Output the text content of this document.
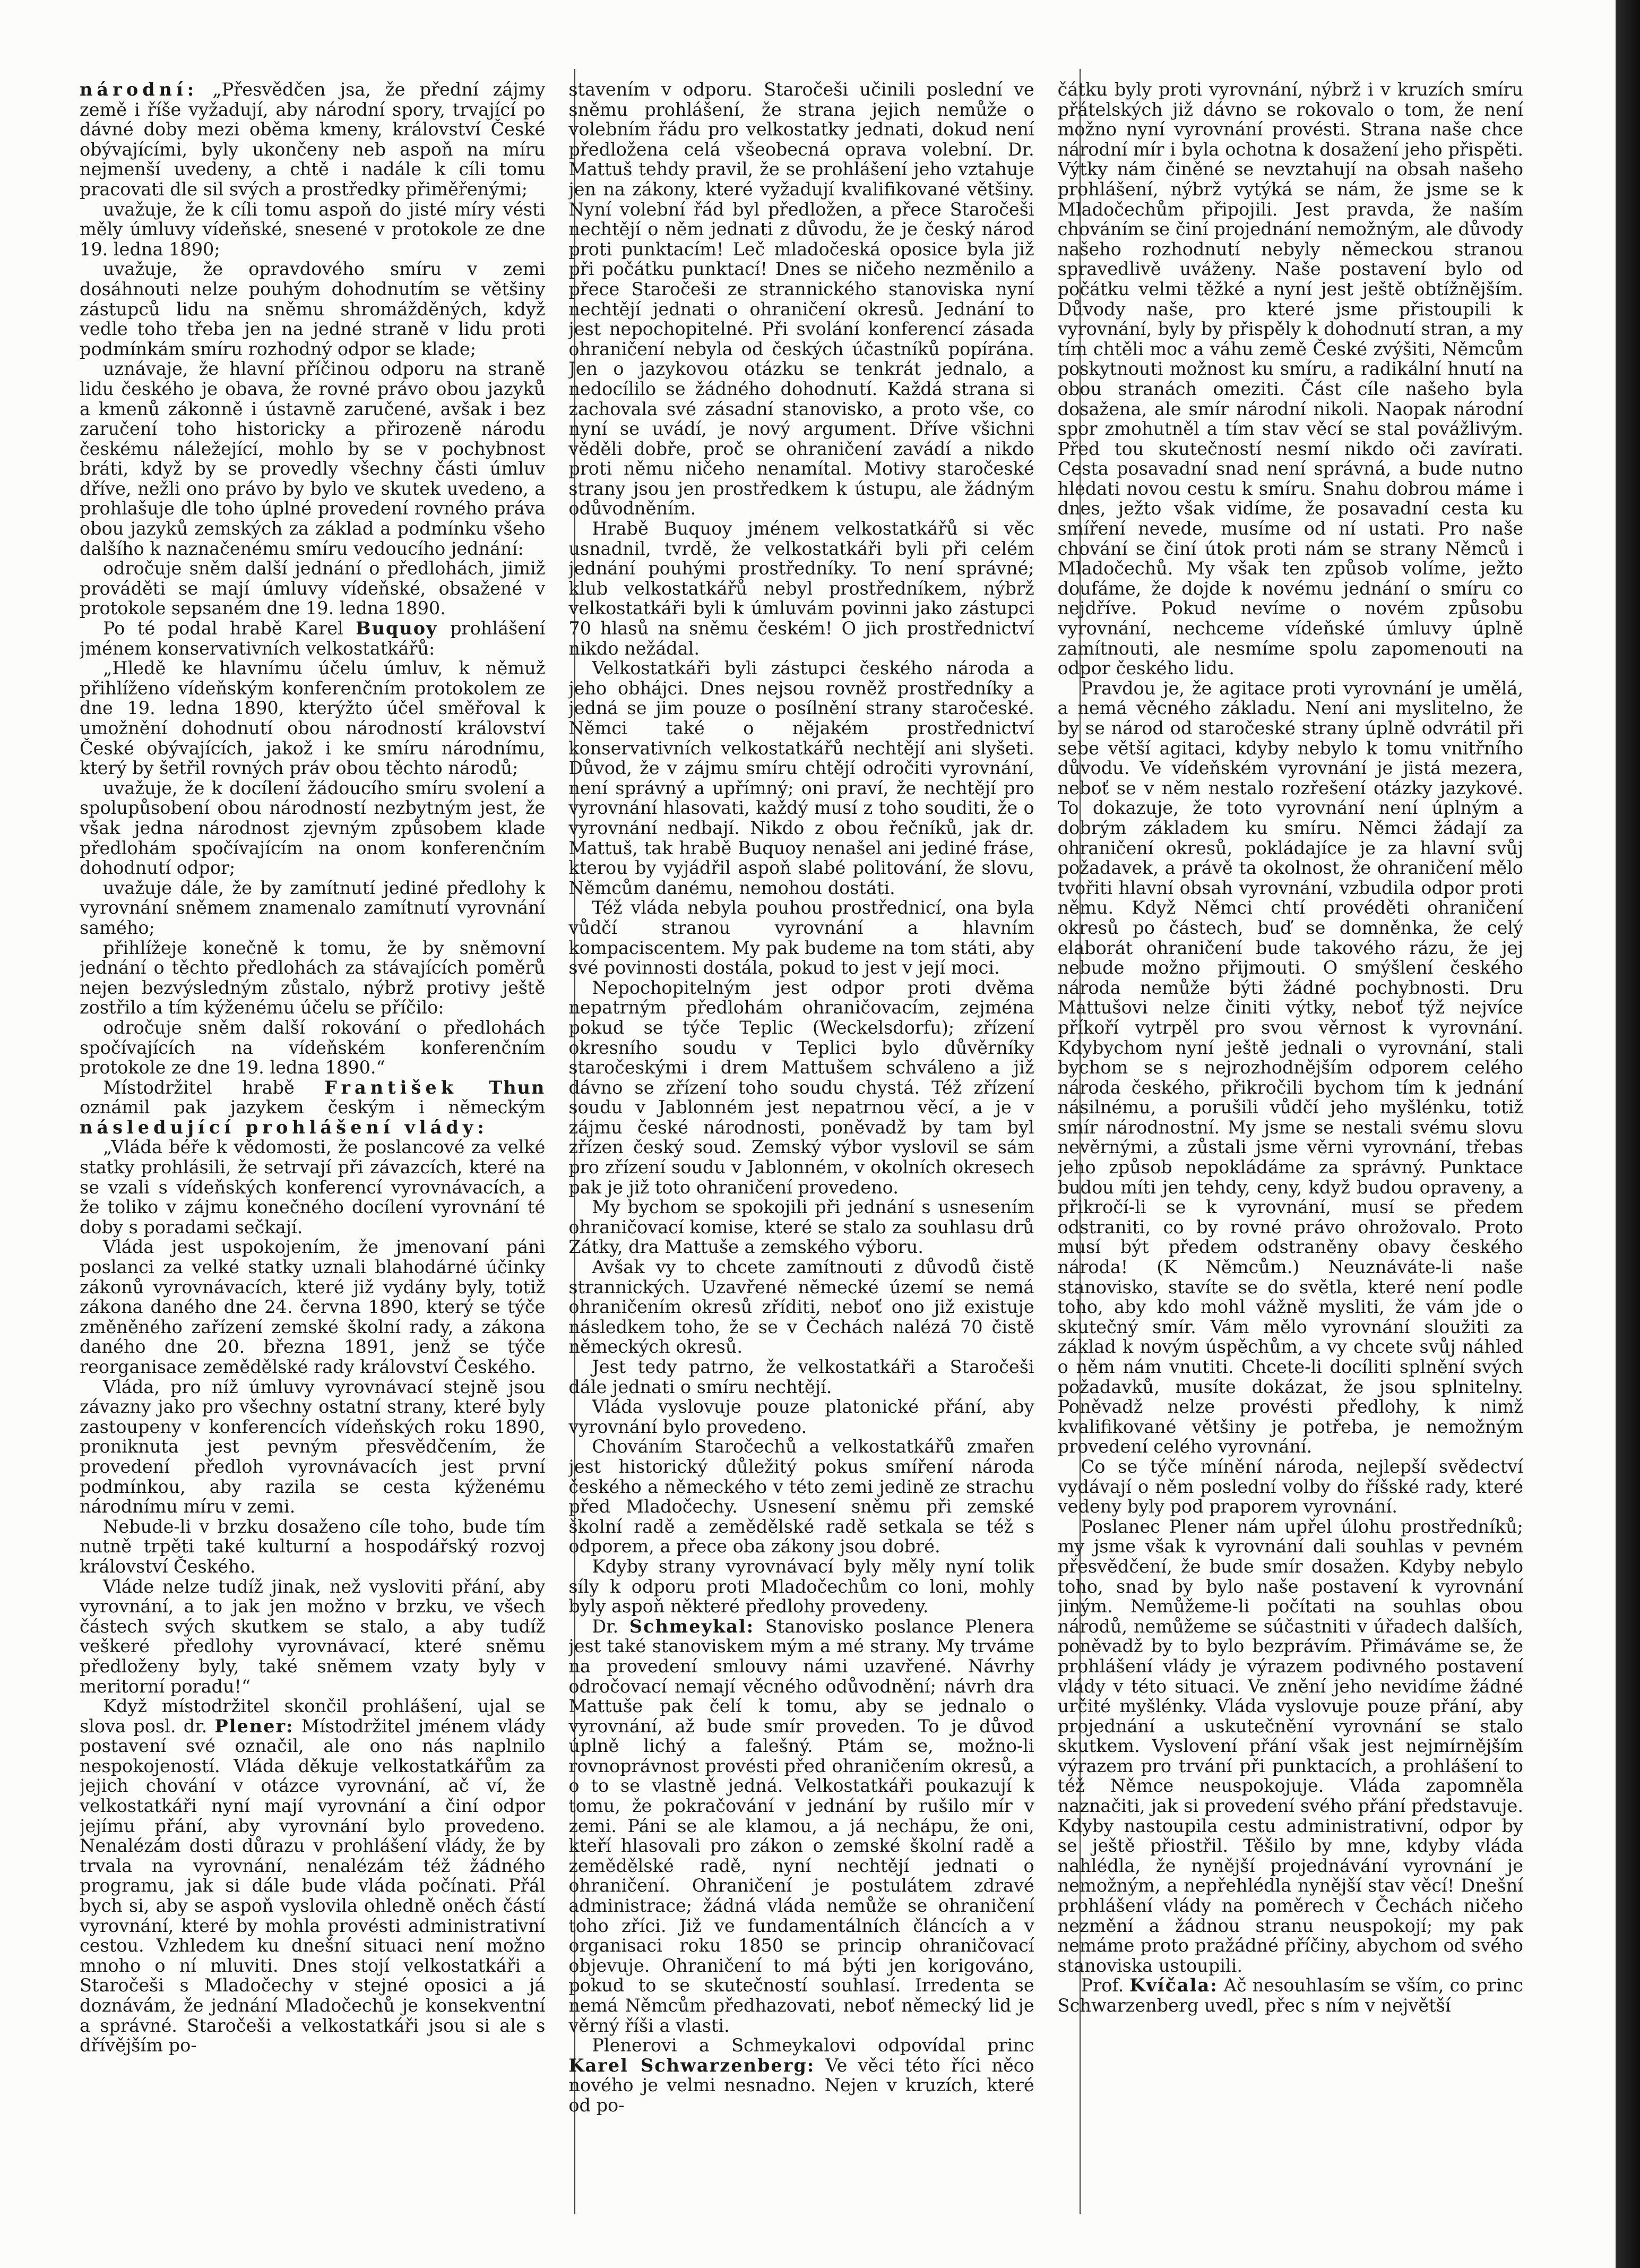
národní: „Přesvědčen jsa, že přední zájmy země i říše vyžadují, aby národní spory, trvající po dávné doby mezi oběma kmeny, království České obývajícími, byly ukončeny neb aspoň na míru nejmenší uvedeny, a chtě i nadále k cíli tomu pracovati dle sil svých a prostředky přiměřenými;

uvažuje, že k cíli tomu aspoň do jisté míry vésti měly úmluvy vídeňské, snesené v protokole ze dne 19. ledna 1890;

uvažuje, že opravdového smíru v zemi dosáhnouti nelze pouhým dohodnutím se většiny zástupců lidu na sněmu shromážděných, když vedle toho třeba jen na jedné straně v lidu proti podmínkám smíru rozhodný odpor se klade;

uznávaje, že hlavní příčinou odporu na straně lidu českého je obava, že rovné právo obou jazyků a kmenů zákonně i ústavně zaručené, avšak i bez zaručení toho historicky a přirozeně národu českému náležející, mohlo by se v pochybnost bráti, když by se provedly všechny části úmluv dříve, nežli ono právo by bylo ve skutek uvedeno, a prohlašuje dle toho úplné provedení rovného práva obou jazyků zemských za základ a podmínku všeho dalšího k naznačenému smíru vedoucího jednání:

odročuje sněm další jednání o předlohách, jimiž prováděti se mají úmluvy vídeňské, obsažené v protokole sepsaném dne 19. ledna 1890.

Po té podal hrabě Karel Buquoy prohlášení jménem konservativních velkostatkářů:

„Hledě ke hlavnímu účelu úmluv, k němuž přihlíženo vídeňským konferenčním protokolem ze dne 19. ledna 1890, kterýžto účel směřoval k umožnění dohodnutí obou národností království České obývajících, jakož i ke smíru národnímu, který by šetřil rovných práv obou těchto národů;

uvažuje, že k docílení žádoucího smíru svolení a spolupůsobení obou národností nezbytným jest, že však jedna národnost zjevným způsobem klade předlohám spočívajícím na onom konferenčním dohodnutí odpor;

uvažuje dále, že by zamítnutí jediné předlohy k vyrovnání sněmem znamenalo zamítnutí vyrovnání samého;

přihlížeje konečně k tomu, že by sněmovní jednání o těchto předlohách za stávajících poměrů nejen bezvýsledným zůstalo, nýbrž protivy ještě zostřilo a tím kýženému účelu se příčilo:

odročuje sněm další rokování o předlohách spočívajících na vídeňském konferenčním protokole ze dne 19. ledna 1890.“

Místodržitel hrabě František Thun oznámil pak jazykem českým i německým následující prohlášení vlády:

„Vláda béře k vědomosti, že poslancové za velké statky prohlásili, že setrvají při závazcích, které na se vzali s vídeňských konferencí vyrovnávacích, a že toliko v zájmu konečného docílení vyrovnání té doby s poradami sečkají.

Vláda jest uspokojením, že jmenovaní páni poslanci za velké statky uznali blahodárné účinky zákonů vyrovnávacích, které již vydány byly, totiž zákona daného dne 24. června 1890, který se týče změněného zařízení zemské školní rady, a zákona daného dne 20. března 1891, jenž se týče reorganisace zemědělské rady království Českého.

Vláda, pro níž úmluvy vyrovnávací stejně jsou závazny jako pro všechny ostatní strany, které byly zastoupeny v konferencích vídeňských roku 1890, proniknuta jest pevným přesvědčením, že provedení předloh vyrovnávacích jest první podmínkou, aby razila se cesta kýženému národnímu míru v zemi.

Nebude-li v brzku dosaženo cíle toho, bude tím nutně trpěti také kulturní a hospodářský rozvoj království Českého.

Vláde nelze tudíž jinak, než vysloviti přání, aby vyrovnání, a to jak jen možno v brzku, ve všech částech svých skutkem se stalo, a aby tudíž veškeré předlohy vyrovnávací, které sněmu předloženy byly, také sněmem vzaty byly v meritorní poradu!“

Když místodržitel skončil prohlášení, ujal se slova posl. dr. Plener: Místodržitel jménem vlády postavení své označil, ale ono nás naplnilo nespokojeností. Vláda děkuje velkostatkářům za jejich chování v otázce vyrovnání, ač ví, že velkostatkáři nyní mají vyrovnání a činí odpor jejímu přání, aby vyrovnání bylo provedeno. Nenalézám dosti důrazu v prohlášení vlády, že by trvala na vyrovnání, nenalézám též žádného programu, jak si dále bude vláda počínati. Přál bych si, aby se aspoň vyslovila ohledně oněch částí vyrovnání, které by mohla provésti administrativní cestou. Vzhledem ku dnešní situaci není možno mnoho o ní mluviti. Dnes stojí velkostatkáři a Staročeši s Mladočechy v stejné oposici a já doznávám, že jednání Mladočechů je konsekventní a správné. Staročeši a velkostatkáři jsou si ale s dřívějším po-

stavením v odporu. Staročeši učinili poslední ve sněmu prohlášení, že strana jejich nemůže o volebním řádu pro velkostatky jednati, dokud není předložena celá všeobecná oprava volební. Dr. Mattuš tehdy pravil, že se prohlášení jeho vztahuje jen na zákony, které vyžadují kvalifikované většiny. Nyní volební řád byl předložen, a přece Staročeši nechtějí o něm jednati z důvodu, že je český národ proti punktacím! Leč mladočeská oposice byla již při počátku punktací! Dnes se ničeho nezměnilo a přece Staročeši ze strannického stanoviska nyní nechtějí jednati o ohraničení okresů. Jednání to jest nepochopitelné. Při svolání konferencí zásada ohraničení nebyla od českých účastníků popírána. Jen o jazykovou otázku se tenkrát jednalo, a nedocílilo se žádného dohodnutí. Každá strana si zachovala své zásadní stanovisko, a proto vše, co nyní se uvádí, je nový argument. Dříve všichni věděli dobře, proč se ohraničení zavádí a nikdo proti němu ničeho nenamítal. Motivy staročeské strany jsou jen prostředkem k ústupu, ale žádným odůvodněním.

Hrabě Buquoy jménem velkostatkářů si věc usnadnil, tvrdě, že velkostatkáři byli při celém jednání pouhými prostředníky. To není správné; klub velkostatkářů nebyl prostředníkem, nýbrž velkostatkáři byli k úmluvám povinni jako zástupci 70 hlasů na sněmu českém! O jich prostřednictví nikdo nežádal.

Velkostatkáři byli zástupci českého národa a jeho obhájci. Dnes nejsou rovněž prostředníky a jedná se jim pouze o posílnění strany staročeské. Němci také o nějakém prostřednictví konservativních velkostatkářů nechtějí ani slyšeti. Důvod, že v zájmu smíru chtějí odročiti vyrovnání, není správný a upřímný; oni praví, že nechtějí pro vyrovnání hlasovati, každý musí z toho souditi, že o vyrovnání nedbají. Nikdo z obou řečníků, jak dr. Mattuš, tak hrabě Buquoy nenašel ani jediné fráse, kterou by vyjádřil aspoň slabé politování, že slovu, Němcům danému, nemohou dostáti.

Též vláda nebyla pouhou prostřednicí, ona byla vůdčí stranou vyrovnání a hlavním kompaciscentem. My pak budeme na tom státi, aby své povinnosti dostála, pokud to jest v její moci.

Nepochopitelným jest odpor proti dvěma nepatrným předlohám ohraničovacím, zejména pokud se týče Teplic (Weckelsdorfu); zřízení okresního soudu v Teplici bylo důvěrníky staročeskými i drem Mattušem schváleno a již dávno se zřízení toho soudu chystá. Též zřízení soudu v Jablonném jest nepatrnou věcí, a je v zájmu české národnosti, poněvadž by tam byl zřízen český soud. Zemský výbor vyslovil se sám pro zřízení soudu v Jablonném, v okolních okresech pak je již toto ohraničení provedeno.

My bychom se spokojili při jednání s usnesením ohraničovací komise, které se stalo za souhlasu drů Zátky, dra Mattuše a zemského výboru.

Avšak vy to chcete zamítnouti z důvodů čistě strannických. Uzavřené německé území se nemá ohraničením okresů zříditi, neboť ono již existuje následkem toho, že se v Čechách nalézá 70 čistě německých okresů.

Jest tedy patrno, že velkostatkáři a Staročeši dále jednati o smíru nechtějí.

Vláda vyslovuje pouze platonické přání, aby vyrovnání bylo provedeno.

Chováním Staročechů a velkostatkářů zmařen jest historický důležitý pokus smíření národa českého a německého v této zemi jedině ze strachu před Mladočechy. Usnesení sněmu při zemské školní radě a zemědělské radě setkala se též s odporem, a přece oba zákony jsou dobré.

Kdyby strany vyrovnávací byly měly nyní tolik síly k odporu proti Mladočechům co loni, mohly byly aspoň některé předlohy provedeny.

Dr. Schmeykal: Stanovisko poslance Plenera jest také stanoviskem mým a mé strany. My trváme na provedení smlouvy námi uzavřené. Návrhy odročovací nemají věcného odůvodnění; návrh dra Mattuše pak čelí k tomu, aby se jednalo o vyrovnání, až bude smír proveden. To je důvod úplně lichý a falešný. Ptám se, možno-li rovnoprávnost provésti před ohraničením okresů, a o to se vlastně jedná. Velkostatkáři poukazují k tomu, že pokračování v jednání by rušilo mír v zemi. Páni se ale klamou, a já nechápu, že oni, kteří hlasovali pro zákon o zemské školní radě a zemědělské radě, nyní nechtějí jednati o ohraničení. Ohraničení je postulátem zdravé administrace; žádná vláda nemůže se ohraničení toho zříci. Již ve fundamentálních článcích a v organisaci roku 1850 se princip ohraničovací objevuje. Ohraničení to má býti jen korigováno, pokud to se skutečností souhlasí. Irredenta se nemá Němcům předhazovati, neboť německý lid je věrný říši a vlasti.

Plenerovi a Schmeykalovi odpovídal princ Karel Schwarzenberg: Ve věci této říci něco nového je velmi nesnadno. Nejen v kruzích, které od po-

čátku byly proti vyrovnání, nýbrž i v kruzích smíru přátelských již dávno se rokovalo o tom, že není možno nyní vyrovnání provésti. Strana naše chce národní mír i byla ochotna k dosažení jeho přispěti. Výtky nám činěné se nevztahují na obsah našeho prohlášení, nýbrž vytýká se nám, že jsme se k Mladočechům připojili. Jest pravda, že naším chováním se činí projednání nemožným, ale důvody našeho rozhodnutí nebyly německou stranou spravedlivě uváženy. Naše postavení bylo od počátku velmi těžké a nyní jest ještě obtížnějším. Důvody naše, pro které jsme přistoupili k vyrovnání, byly by přispěly k dohodnutí stran, a my tím chtěli moc a váhu země České zvýšiti, Němcům poskytnouti možnost ku smíru, a radikální hnutí na obou stranách omeziti. Část cíle našeho byla dosažena, ale smír národní nikoli. Naopak národní spor zmohutněl a tím stav věcí se stal povážlivým. Před tou skutečností nesmí nikdo oči zavírati. Cesta posavadní snad není správná, a bude nutno hledati novou cestu k smíru. Snahu dobrou máme i dnes, ježto však vidíme, že posavadní cesta ku smíření nevede, musíme od ní ustati. Pro naše chování se činí útok proti nám se strany Němců i Mladočechů. My však ten způsob volíme, ježto doufáme, že dojde k novému jednání o smíru co nejdříve. Pokud nevíme o novém způsobu vyrovnání, nechceme vídeňské úmluvy úplně zamítnouti, ale nesmíme spolu zapomenouti na odpor českého lidu.

Pravdou je, že agitace proti vyrovnání je umělá, a nemá věcného základu. Není ani myslitelno, že by se národ od staročeské strany úplně odvrátil při sebe větší agitaci, kdyby nebylo k tomu vnitřního důvodu. Ve vídeňském vyrovnání je jistá mezera, neboť se v něm nestalo rozřešení otázky jazykové. To dokazuje, že toto vyrovnání není úplným a dobrým základem ku smíru. Němci žádají za ohraničení okresů, pokládajíce je za hlavní svůj požadavek, a právě ta okolnost, že ohraničení mělo tvořiti hlavní obsah vyrovnání, vzbudila odpor proti němu. Když Němci chtí provéděti ohraničení okresů po částech, buď se domněnka, že celý elaborát ohraničení bude takového rázu, že jej nebude možno přijmouti. O smýšlení českého národa nemůže býti žádné pochybnosti. Dru Mattušovi nelze činiti výtky, neboť týž nejvíce příkoří vytrpěl pro svou věrnost k vyrovnání. Kdybychom nyní ještě jednali o vyrovnání, stali bychom se s nejrozhodnějším odporem celého národa českého, přikročili bychom tím k jednání násilnému, a porušili vůdčí jeho myšlénku, totiž smír národnostní. My jsme se nestali svému slovu nevěrnými, a zůstali jsme věrni vyrovnání, třebas jeho způsob nepokládáme za správný. Punktace budou míti jen tehdy, ceny, když budou opraveny, a přikročí-li se k vyrovnání, musí se předem odstraniti, co by rovné právo ohrožovalo. Proto musí být předem odstraněny obavy českého národa! (K Němcům.) Neuznáváte-li naše stanovisko, stavíte se do světla, které není podle toho, aby kdo mohl vážně mysliti, že vám jde o skutečný smír. Vám mělo vyrovnání sloužiti za základ k novým úspěchům, a vy chcete svůj náhled o něm nám vnutiti. Chcete-li docíliti splnění svých požadavků, musíte dokázat, že jsou splnitelny. Poněvadž nelze provésti předlohy, k nimž kvalifikované většiny je potřeba, je nemožným provedení celého vyrovnání.

Co se týče mínění národa, nejlepší svědectví vydávají o něm poslední volby do říšské rady, které vedeny byly pod praporem vyrovnání.

Poslanec Plener nám upřel úlohu prostředníků; my jsme však k vyrovnání dali souhlas v pevném přesvědčení, že bude smír dosažen. Kdyby nebylo toho, snad by bylo naše postavení k vyrovnání jiným. Nemůžeme-li počítati na souhlas obou národů, nemůžeme se súčastniti v úřadech dalších, poněvadž by to bylo bezprávím. Přimáváme se, že prohlášení vlády je výrazem podivného postavení vlády v této situaci. Ve znění jeho nevidíme žádné určité myšlénky. Vláda vyslovuje pouze přání, aby projednání a uskutečnění vyrovnání se stalo skutkem. Vyslovení přání však jest nejmírnějším výrazem pro trvání při punktacích, a prohlášení to též Němce neuspokojuje. Vláda zapomněla naznačiti, jak si provedení svého přání představuje. Kdyby nastoupila cestu administrativní, odpor by se ještě přiostřil. Těšilo by mne, kdyby vláda nahlédla, že nynější projednávání vyrovnání je nemožným, a nepřehlédla nynější stav věcí! Dnešní prohlášení vlády na poměrech v Čechách ničeho nezmění a žádnou stranu neuspokojí; my pak nemáme proto pražádné příčiny, abychom od svého stanoviska ustoupili.

Prof. Kvíčala: Ač nesouhlasím se vším, co princ Schwarzenberg uvedl, přec s ním v největší
